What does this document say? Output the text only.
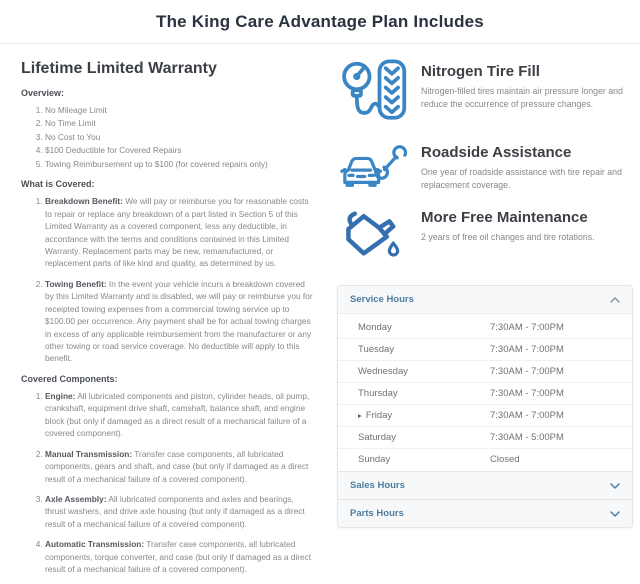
The King Care Advantage Plan Includes
Lifetime Limited Warranty
Overview:
1. No Mileage Limit
2. No Time Limit
3. No Cost to You
4. $100 Deductible for Covered Repairs
5. Towing Reimbursement up to $100 (for covered repairs only)
What is Covered:
1. Breakdown Benefit: We will pay or reimburse you for reasonable costs to repair or replace any breakdown of a part listed in Section 5 of this Limited Warranty as a covered component, less any deductible, in accordance with the terms and conditions contained in this Limited Warranty. Replacement parts may be new, remanufactured, or replacement parts of like kind and quality, as determined by us.
2. Towing Benefit: In the event your vehicle incurs a breakdown covered by this Limited Warranty and is disabled, we will pay or reimburse you for receipted towing expenses from a commercial towing service up to $100.00 per occurrence. Any payment shall be for actual towing charges in excess of any applicable reimbursement from the manufacturer or any other towing or road service coverage. No deductible will apply to this benefit.
Covered Components:
1. Engine: All lubricated components and piston, cylinder heads, oil pump, crankshaft, equipment drive shaft, camshaft, balance shaft, and engine block (but only if damaged as a direct result of a mechanical failure of a covered component).
2. Manual Transmission: Transfer case components, all lubricated components, gears and shaft, and case (but only if damaged as a direct result of a mechanical failure of a covered component).
3. Axle Assembly: All lubricated components and axles and bearings, thrust washers, and drive axle housing (but only if damaged as a direct result of a mechanical failure of a covered component).
4. Automatic Transmission: Transfer case components, all lubricated components, torque converter, and case (but only if damaged as a direct result of a mechanical failure of a covered component).
Nitrogen Tire Fill
Nitrogen-filled tires maintain air pressure longer and reduce the occurrence of pressure changes.
Roadside Assistance
One year of roadside assistance with tire repair and replacement coverage.
More Free Maintenance
2 years of free oil changes and tire rotations.
Service Hours
Monday	7:30AM - 7:00PM
Tuesday	7:30AM - 7:00PM
Wednesday	7:30AM - 7:00PM
Thursday	7:30AM - 7:00PM
▸ Friday	7:30AM - 7:00PM
Saturday	7:30AM - 5:00PM
Sunday	Closed
Sales Hours
Parts Hours
